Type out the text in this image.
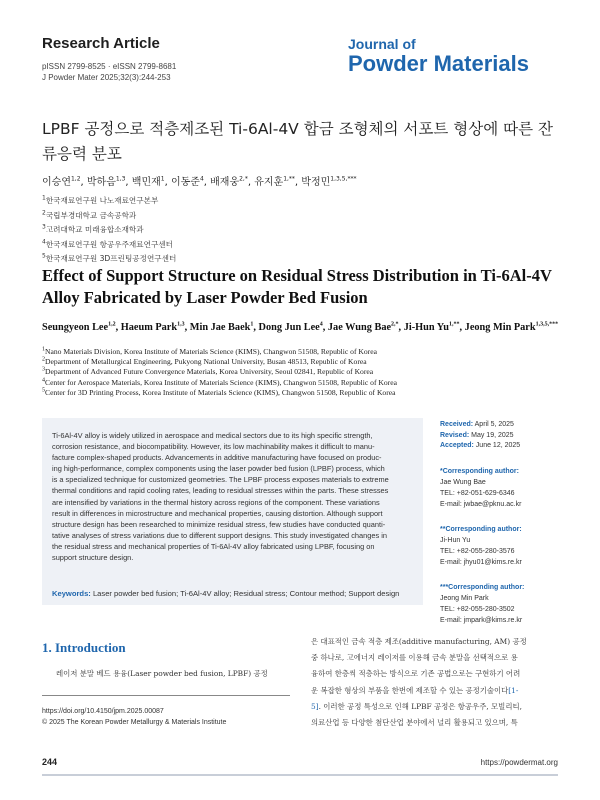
Research Article
pISSN 2799-8525 · eISSN 2799-8681
J Powder Mater 2025;32(3):244-253
Journal of
Powder Materials
LPBF 공정으로 적층제조된 Ti-6Al-4V 합금 조형체의 서포트 형상에 따른 잔류응력 분포
이승연$^{1,2}$, 박하음$^{1,3}$, 백민재$^1$, 이동준$^4$, 배재웅$^{2,*}$, 유지훈$^{1,**}$, 박정민$^{1,3,5,***}$
$^1$한국재료연구원 나노재료연구본부
$^2$국립부경대학교 금속공학과
$^3$고려대학교 미래융합소재학과
$^4$한국재료연구원 항공우주재료연구센터
$^5$한국재료연구원 3D프린팅공정연구센터
Effect of Support Structure on Residual Stress Distribution in Ti-6Al-4V Alloy Fabricated by Laser Powder Bed Fusion
Seungyeon Lee$^{1,2}$, Haeum Park$^{1,3}$, Min Jae Baek$^1$, Dong Jun Lee$^4$, Jae Wung Bae$^{2,*}$, Ji-Hun $Yu^{1,**}$, Jeong Min Park$^{1,3,5,***}$
$^1$Nano Materials Division, Korea Institute of Materials Science (KIMS), Changwon 51508, Republic of Korea
$^2$Department of Metallurgical Engineering, Pukyong National University, Busan 48513, Republic of Korea
$^3$Department of Advanced Future Convergence Materials, Korea University, Seoul 02841, Republic of Korea
$^4$Center for Aerospace Materials, Korea Institute of Materials Science (KIMS), Changwon 51508, Republic of Korea
$^5$Center for 3D Printing Process, Korea Institute of Materials Science (KIMS), Changwon 51508, Republic of Korea
Ti-6Al-4V alloy is widely utilized in aerospace and medical sectors due to its high specific strength,
corrosion resistance, and biocompatibility. However, its low machinability makes it difficult to manu-
facture complex-shaped products. Advancements in additive manufacturing have focused on produc-
ing high-performance, complex components using the laser powder bed fusion (LPBF) process, which
is a specialized technique for customized geometries. The LPBF process exposes materials to extreme
thermal conditions and rapid cooling rates, leading to residual stresses within the parts. These stresses
are intensified by variations in the thermal history across regions of the component. These variations
result in differences in microstructure and mechanical properties, causing distortion. Although support
structure design has been researched to minimize residual stress, few studies have conducted quanti-
tative analyses of stress variations due to different support designs. This study investigated changes in
the residual stress and mechanical properties of Ti-6Al-4V alloy fabricated using LPBF, focusing on
support structure design.
Keywords: Laser powder bed fusion; Ti-6Al-4V alloy; Residual stress; Contour method; Support design
Received: April 5, 2025
Revised: May 19, 2025
Accepted: June 12, 2025
*Corresponding author:
Jae Wung Bae
TEL: +82-051-629-6346
E-mail: jwbae@pknu.ac.kr
**Corresponding author:
Ji-Hun Yu
TEL: +82-055-280-3576
E-mail: jhyu01@kims.re.kr
***Corresponding author:
Jeong Min Park
TEL: +82-055-280-3502
E-mail: jmpark@kims.re.kr
1. Introduction
레이저 분말 베드 용융(Laser powder bed fusion, LPBF) 공정
https://doi.org/10.4150/jpm.2025.00087
© 2025 The Korean Powder Metallurgy & Materials Institute
은 대표적인 금속 적층 제조(additive manufacturing, AM) 공정
중 하나로, 고에너지 레이저를 이용해 금속 분말을 선택적으로 용
융하여 한층씩 적층하는 방식으로 기존 공법으로는 구현하기 어려
운 복잡한 형상의 부품을 한번에 제조할 수 있는 공정기술이다[1-
5]. 이러한 공정 특성으로 인해 LPBF 공정은 항공우주, 모빌리티,
의료산업 등 다양한 첨단산업 분야에서 널리 활용되고 있으며, 특
244	https://powdermat.org
